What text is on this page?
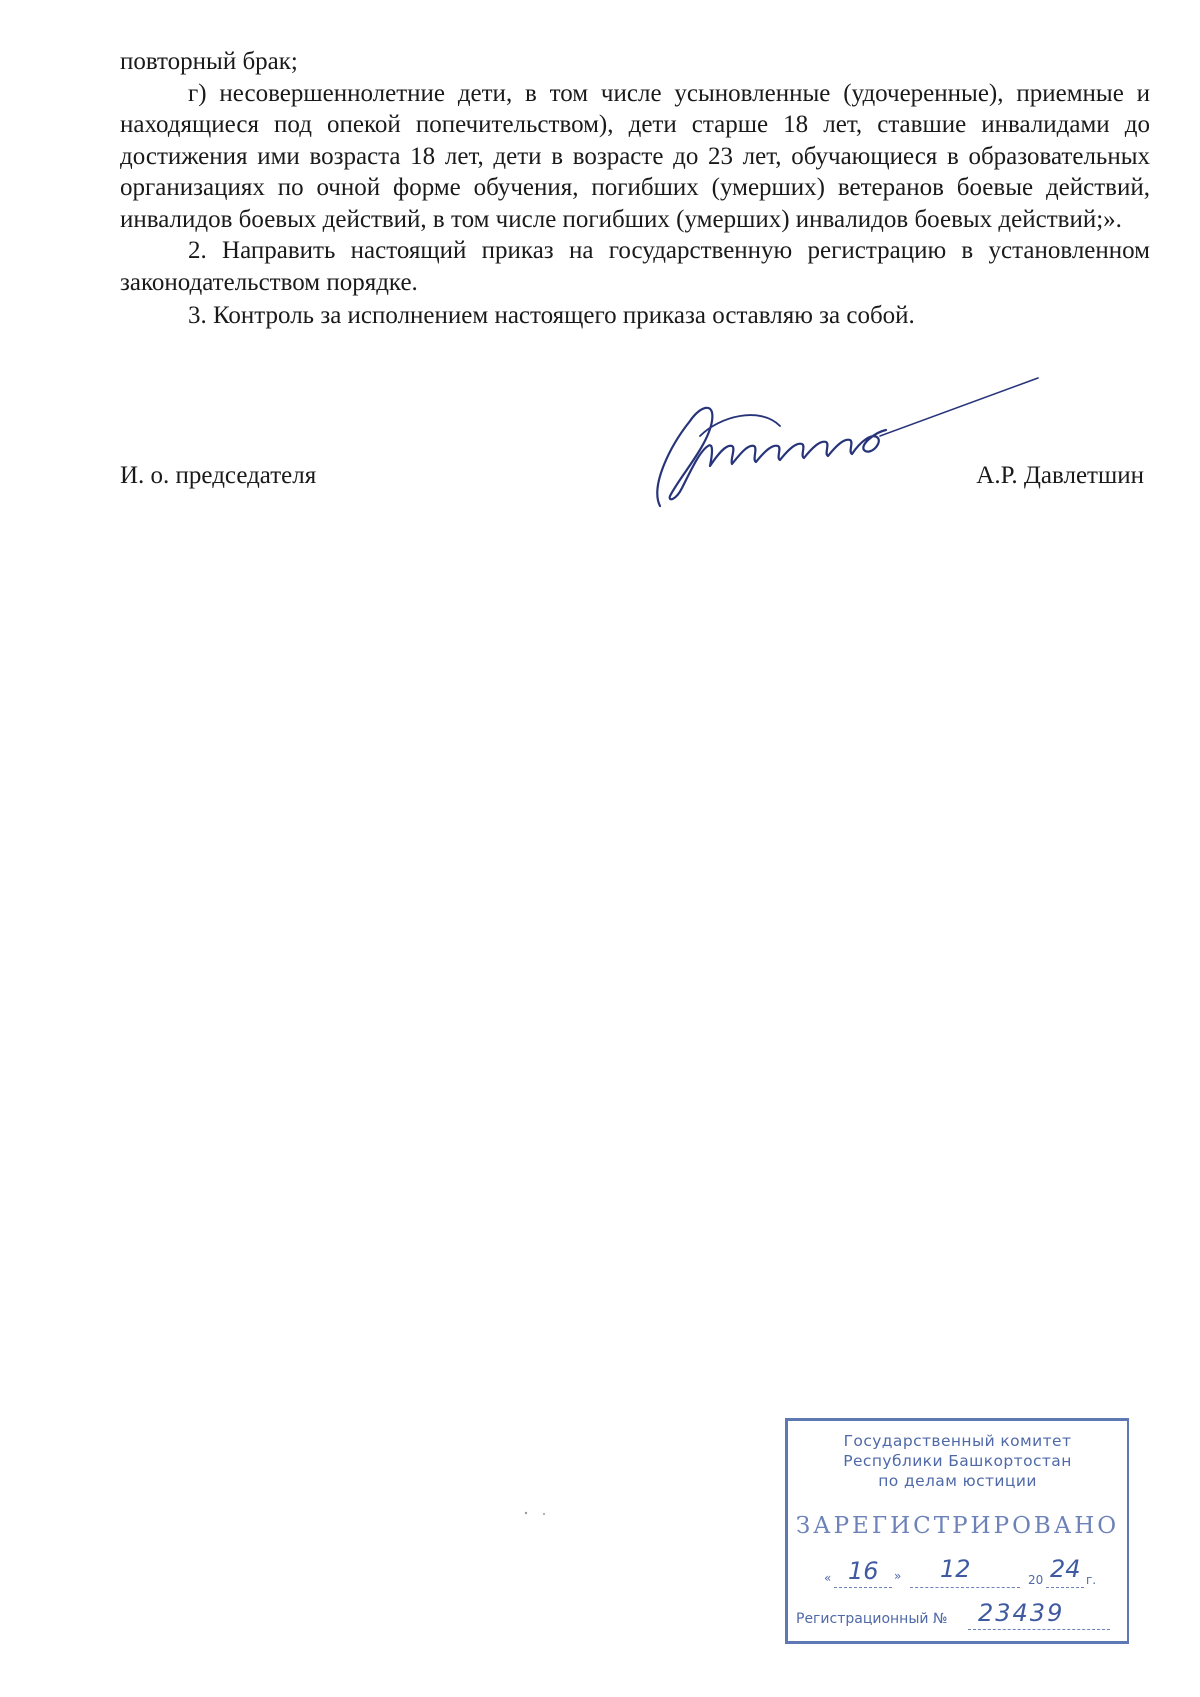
повторный брак;

г) несовершеннолетние дети, в том числе усыновленные (удочеренные), приемные и находящиеся под опекой попечительством), дети старше 18 лет, ставшие инвалидами до достижения ими возраста 18 лет, дети в возрасте до 23 лет, обучающиеся в образовательных организациях по очной форме обучения, погибших (умерших) ветеранов боевые действий, инвалидов боевых действий, в том числе погибших (умерших) инвалидов боевых действий;».

2. Направить настоящий приказ на государственную регистрацию в установленном законодательством порядке.

3. Контроль за исполнением настоящего приказа оставляю за собой.

И. о. председателя	А.Р. Давлетшин
Государственный комитет
Республики Башкортостан
по делам юстиции
ЗАРЕГИСТРИРОВАНО
« 16 » 12	20 24 г.
Регистрационный № 23439
